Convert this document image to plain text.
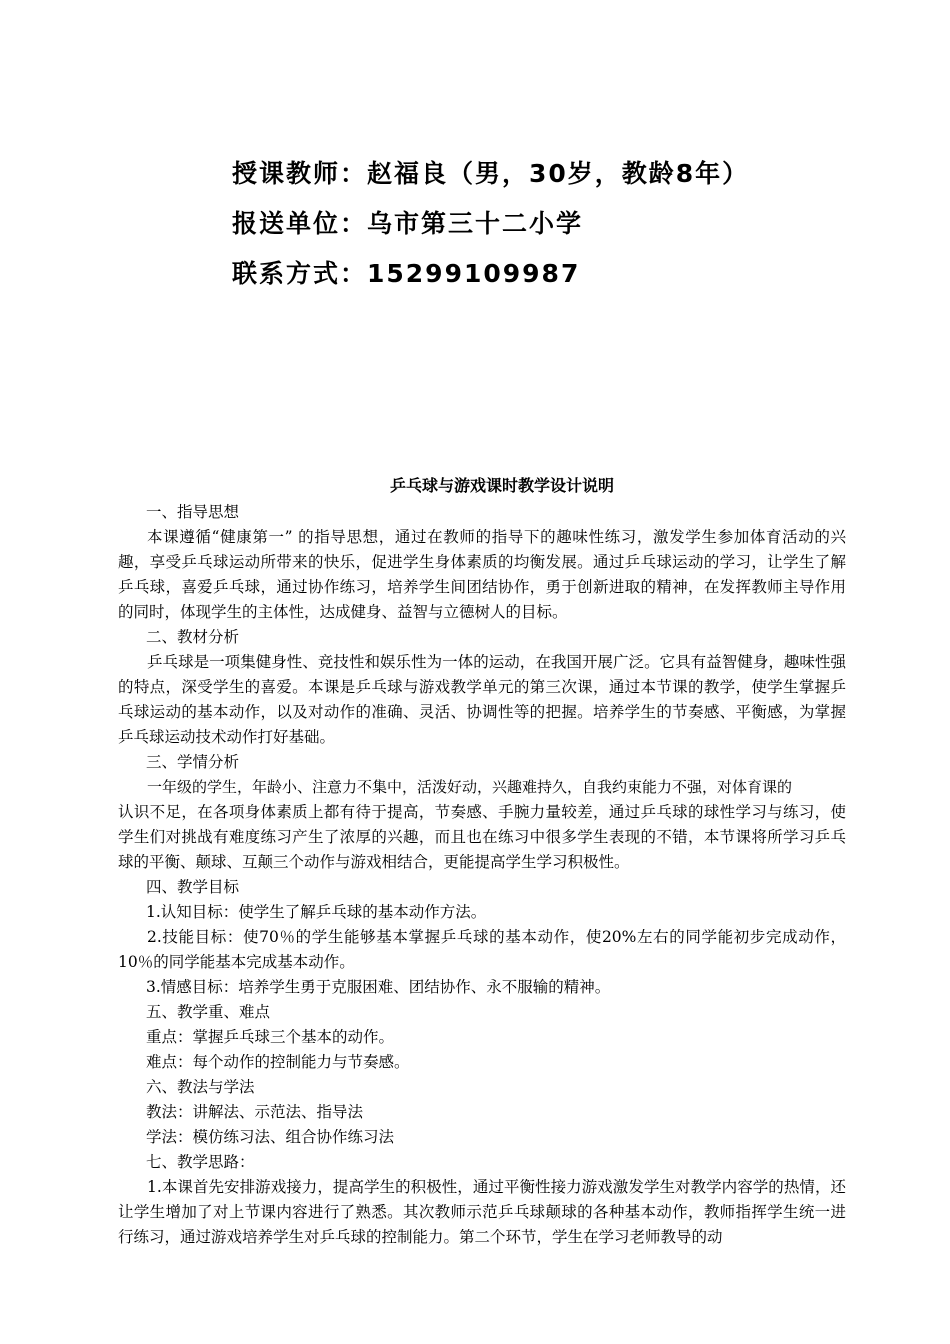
授课教师：赵福良（男，30岁，教龄8年）
报送单位：乌市第三十二小学
联系方式：15299109987
乒乓球与游戏课时教学设计说明
一、指导思想
本课遵循“健康第一” 的指导思想，通过在教师的指导下的趣味性练习，激发学生参加体育活动的兴趣，享受乒乓球运动所带来的快乐，促进学生身体素质的均衡发展。通过乒乓球运动的学习，让学生了解乒乓球，喜爱乒乓球，通过协作练习，培养学生间团结协作，勇于创新进取的精神，在发挥教师主导作用的同时，体现学生的主体性，达成健身、益智与立德树人的目标。
二、教材分析
乒乓球是一项集健身性、竞技性和娱乐性为一体的运动，在我国开展广泛。它具有益智健身，趣味性强的特点，深受学生的喜爱。本课是乒乓球与游戏教学单元的第三次课，通过本节课的教学，使学生掌握乒乓球运动的基本动作，以及对动作的准确、灵活、协调性等的把握。培养学生的节奏感、平衡感，为掌握乒乓球运动技术动作打好基础。
三、学情分析
一年级的学生，年龄小、注意力不集中，活泼好动，兴趣难持久，自我约束能力不强，对体育课的
认识不足，在各项身体素质上都有待于提高，节奏感、手腕力量较差，通过乒乓球的球性学习与练习，使学生们对挑战有难度练习产生了浓厚的兴趣，而且也在练习中很多学生表现的不错，本节课将所学习乒乓球的平衡、颠球、互颠三个动作与游戏相结合，更能提高学生学习积极性。
四、教学目标
1.认知目标：使学生了解乒乓球的基本动作方法。
2.技能目标：使70％的学生能够基本掌握乒乓球的基本动作，使20%左右的同学能初步完成动作，10％的同学能基本完成基本动作。
3.情感目标：培养学生勇于克服困难、团结协作、永不服输的精神。
五、教学重、难点
重点：掌握乒乓球三个基本的动作。
难点：每个动作的控制能力与节奏感。
六、教法与学法
教法：讲解法、示范法、指导法
学法：模仿练习法、组合协作练习法
七、教学思路：
1.本课首先安排游戏接力，提高学生的积极性，通过平衡性接力游戏激发学生对教学内容学的热情，还让学生增加了对上节课内容进行了熟悉。其次教师示范乒乓球颠球的各种基本动作，教师指挥学生统一进行练习，通过游戏培养学生对乒乓球的控制能力。第二个环节，学生在学习老师教导的动
